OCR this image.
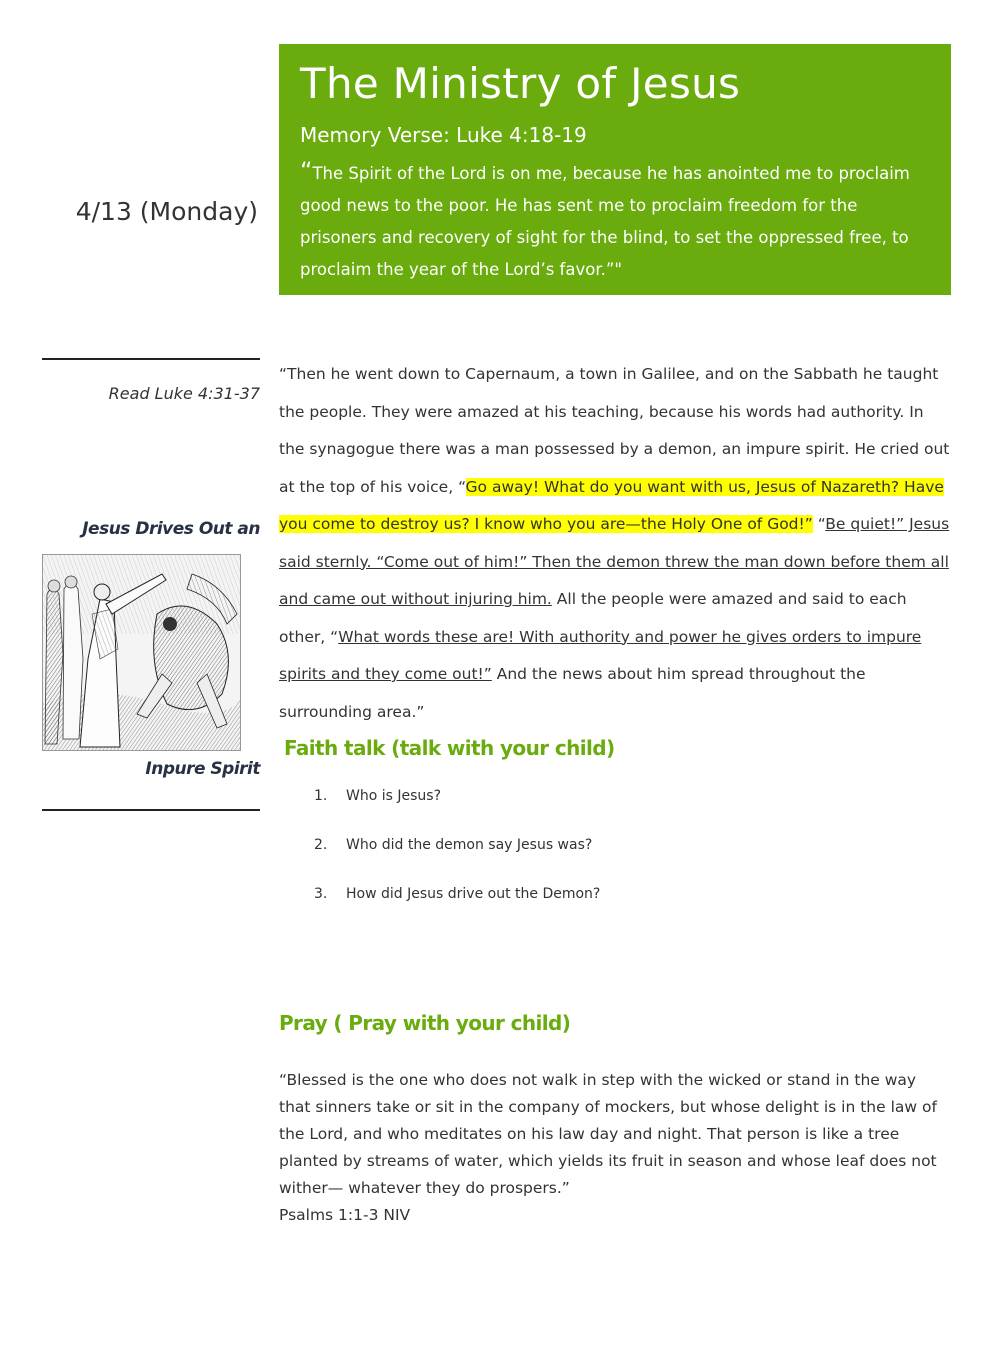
The Ministry of Jesus
Memory Verse: Luke 4:18-19
“The Spirit of the Lord is on me, because he has anointed me to proclaim good news to the poor. He has sent me to proclaim freedom for the prisoners and recovery of sight for the blind, to set the oppressed free, to proclaim the year of the Lord’s favor.”"
4/13 (Monday)
Read Luke 4:31-37
Jesus Drives Out an
Inpure Spirit
“Then he went down to Capernaum, a town in Galilee, and on the Sabbath he taught the people. They were amazed at his teaching, because his words had authority. In the synagogue there was a man possessed by a demon, an impure spirit. He cried out at the top of his voice, “Go away! What do you want with us, Jesus of Nazareth? Have you come to destroy us? I know who you are—the Holy One of God!” “Be quiet!” Jesus said sternly. “Come out of him!” Then the demon threw the man down before them all and came out without injuring him. All the people were amazed and said to each other, “What words these are! With authority and power he gives orders to impure spirits and they come out!” And the news about him spread throughout the surrounding area.”
Faith talk (talk with your child)
1.	Who is Jesus?
2.	Who did the demon say Jesus was?
3.	How did Jesus drive out the Demon?
Pray ( Pray with your child)
“Blessed is the one who does not walk in step with the wicked or stand in the way that sinners take or sit in the company of mockers, but whose delight is in the law of the Lord, and who meditates on his law day and night. That person is like a tree planted by streams of water, which yields its fruit in season and whose leaf does not wither— whatever they do prospers.”
Psalms 1:1-3 NIV
